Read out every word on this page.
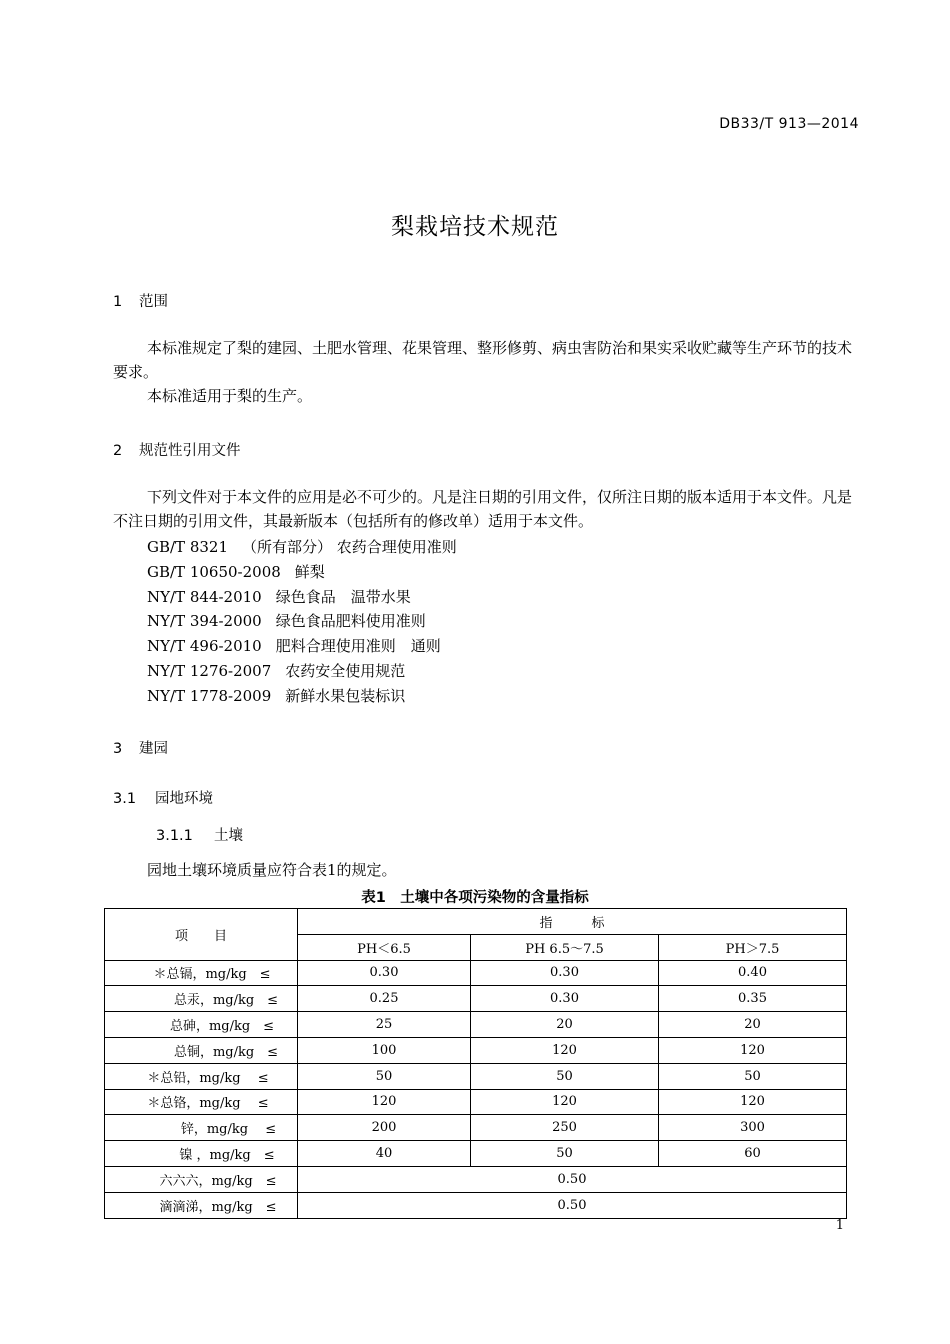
DB33/T 913—2014
梨栽培技术规范
1 范围
本标准规定了梨的建园、土肥水管理、花果管理、整形修剪、病虫害防治和果实采收贮藏等生产环节的技术要求。
本标准适用于梨的生产。
2 规范性引用文件
下列文件对于本文件的应用是必不可少的。凡是注日期的引用文件，仅所注日期的版本适用于本文件。凡是不注日期的引用文件，其最新版本（包括所有的修改单）适用于本文件。
GB/T 8321 （所有部分） 农药合理使用准则
GB/T 10650-2008 鲜梨
NY/T 844-2010 绿色食品　温带水果
NY/T 394-2000 绿色食品肥料使用准则
NY/T 496-2010 肥料合理使用准则　通则
NY/T 1276-2007 农药安全使用规范
NY/T 1778-2009 新鲜水果包装标识
3 建园
3.1 园地环境
3.1.1 土壤
园地土壤环境质量应符合表1的规定。
表1　土壤中各项污染物的含量指标
项　　目	指　　　标		
	PH＜6.5	PH 6.5～7.5	PH＞7.5
＊总镉，mg/kg　≤	0.30	0.30	0.40
总汞，mg/kg　≤	0.25	0.30	0.35
总砷，mg/kg　≤	25	20	20
总铜，mg/kg　≤	100	120	120
＊总铅，mg/kg　 ≤	50	50	50
＊总铬，mg/kg　 ≤	120	120	120
锌，mg/kg　 ≤	200	250	300
镍 ，mg/kg　≤	40	50	60
六六六，mg/kg　≤	0.50		
滴滴涕，mg/kg　≤	0.50		
1
